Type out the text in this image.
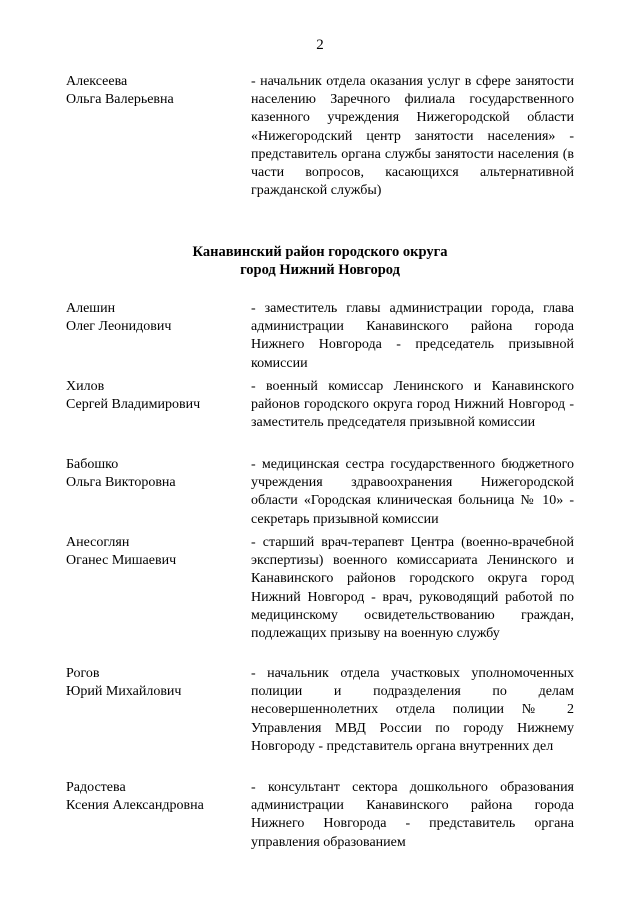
2
Алексеева
Ольга Валерьевна
- начальник отдела оказания услуг в сфере занятости населению Заречного филиала государственного казенного учреждения Нижегородской области «Нижегородский центр занятости населения» - представитель органа службы занятости населения (в части вопросов, касающихся альтернативной гражданской службы)
Канавинский район городского округа
город Нижний Новгород
Алешин
Олег Леонидович
- заместитель главы администрации города, глава администрации Канавинского района города Нижнего Новгорода - председатель призывной комиссии
Хилов
Сергей Владимирович
- военный комиссар Ленинского и Канавинского районов городского округа город Нижний Новгород - заместитель председателя призывной комиссии
Бабошко
Ольга Викторовна
- медицинская сестра государственного бюджетного учреждения здравоохранения Нижегородской области «Городская клиническая больница № 10» - секретарь призывной комиссии
Анесоглян
Оганес Мишаевич
- старший врач-терапевт Центра (военно-врачебной экспертизы) военного комиссариата Ленинского и Канавинского районов городского округа город Нижний Новгород - врач, руководящий работой по медицинскому освидетельствованию граждан, подлежащих призыву на военную службу
Рогов
Юрий Михайлович
- начальник отдела участковых уполномоченных полиции и подразделения по делам несовершеннолетних отдела полиции № 2 Управления МВД России по городу Нижнему Новгороду - представитель органа внутренних дел
Радостева
Ксения Александровна
- консультант сектора дошкольного образования администрации Канавинского района города Нижнего Новгорода - представитель органа управления образованием
